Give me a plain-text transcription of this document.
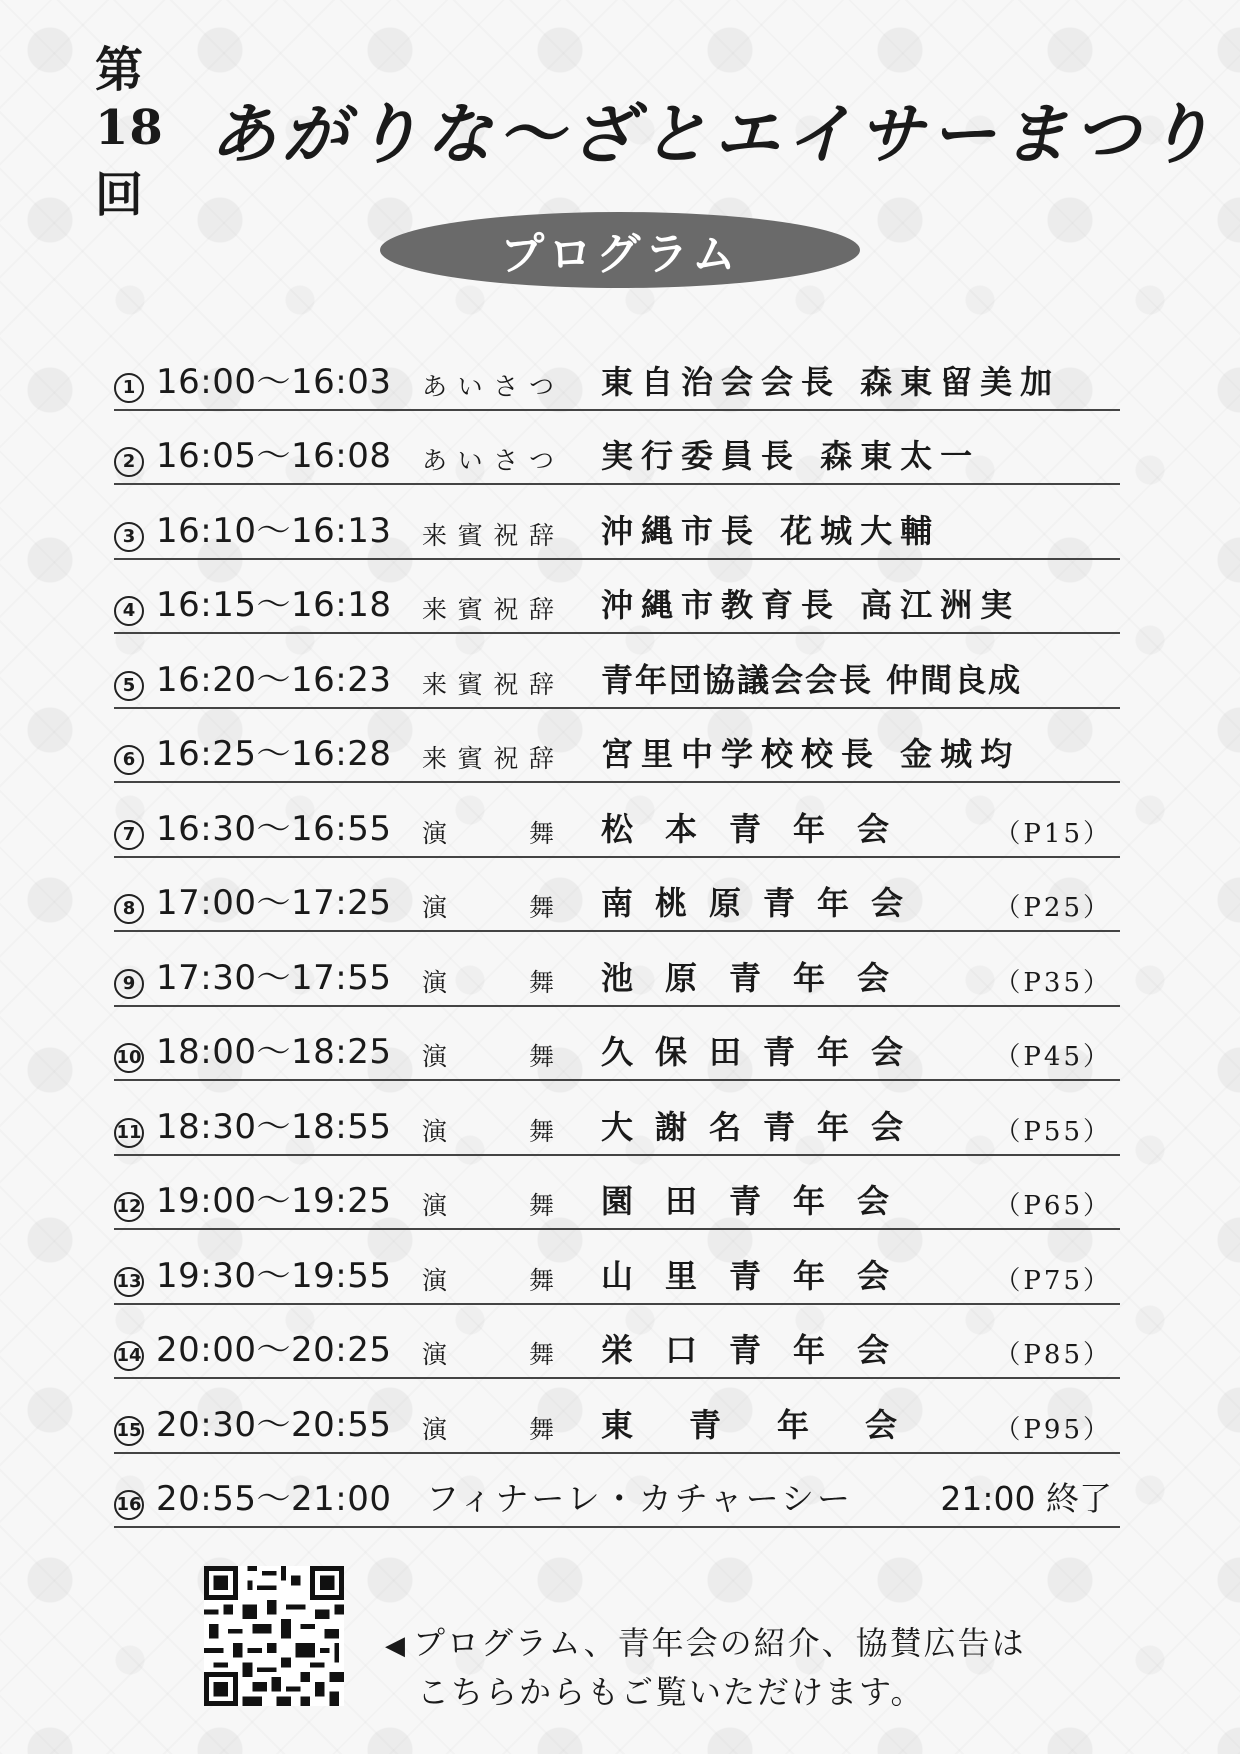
第18回
あがりな〜ざとエイサーまつり
プログラム
1 16:00〜16:03 あいさつ 東自治会会長 森東留美加
2 16:05〜16:08 あいさつ 実行委員長 森東太一
3 16:10〜16:13 来賓祝辞 沖縄市長 花城大輔
4 16:15〜16:18 来賓祝辞 沖縄市教育長 高江洲実
5 16:20〜16:23 来賓祝辞 青年団協議会会長 仲間良成
6 16:25〜16:28 来賓祝辞 宮里中学校校長 金城均
7 16:30〜16:55 演舞 松本青年会	（P15）
8 17:00〜17:25 演舞 南桃原青年会	（P25）
9 17:30〜17:55 演舞 池原青年会	（P35）
10 18:00〜18:25 演舞 久保田青年会	（P45）
11 18:30〜18:55 演舞 大謝名青年会	（P55）
12 19:00〜19:25 演舞 園田青年会	（P65）
13 19:30〜19:55 演舞 山里青年会	（P75）
14 20:00〜20:25 演舞 栄口青年会	（P85）
15 20:30〜20:55 演舞 東青年会 （P95）
16 20:55〜21:00 フィナーレ・カチャーシー	21:00 終了
◀ プログラム、青年会の紹介、協賛広告は
こちらからもご覧いただけます。
